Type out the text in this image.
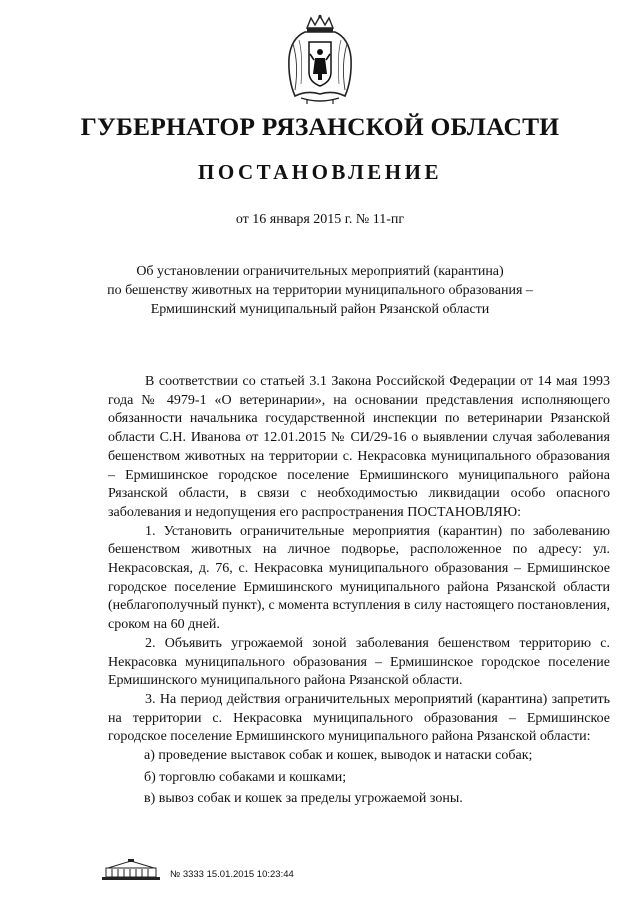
ГУБЕРНАТОР РЯЗАНСКОЙ ОБЛАСТИ
ПОСТАНОВЛЕНИЕ
от 16 января 2015 г. № 11-пг
Об установлении ограничительных мероприятий (карантина)
по бешенству животных на территории муниципального образования –
Ермишинский муниципальный район Рязанской области

В соответствии со статьей 3.1 Закона Российской Федерации от 14 мая 1993 года № 4979-1 «О ветеринарии», на основании представления исполняющего обязанности начальника государственной инспекции по ветеринарии Рязанской области С.Н. Иванова от 12.01.2015 № СИ/29-16 о выявлении случая заболевания бешенством животных на территории с. Некрасовка муниципального образования – Ермишинское городское поселение Ермишинского муниципального района Рязанской области, в связи с необходимостью ликвидации особо опасного заболевания и недопущения его распространения ПОСТАНОВЛЯЮ:

1. Установить ограничительные мероприятия (карантин) по заболеванию бешенством животных на личное подворье, расположенное по адресу: ул. Некрасовская, д. 76, с. Некрасовка муниципального образования – Ермишинское городское поселение Ермишинского муниципального района Рязанской области (неблагополучный пункт), с момента вступления в силу настоящего постановления, сроком на 60 дней.

2. Объявить угрожаемой зоной заболевания бешенством территорию с. Некрасовка муниципального образования – Ермишинское городское поселение Ермишинского муниципального района Рязанской области.

3. На период действия ограничительных мероприятий (карантина) запретить на территории с. Некрасовка муниципального образования – Ермишинское городское поселение Ермишинского муниципального района Рязанской области:

а) проведение выставок собак и кошек, выводок и натаски собак;

б) торговлю собаками и кошками;

в) вывоз собак и кошек за пределы угрожаемой зоны.

№ 3333 15.01.2015 10:23:44
